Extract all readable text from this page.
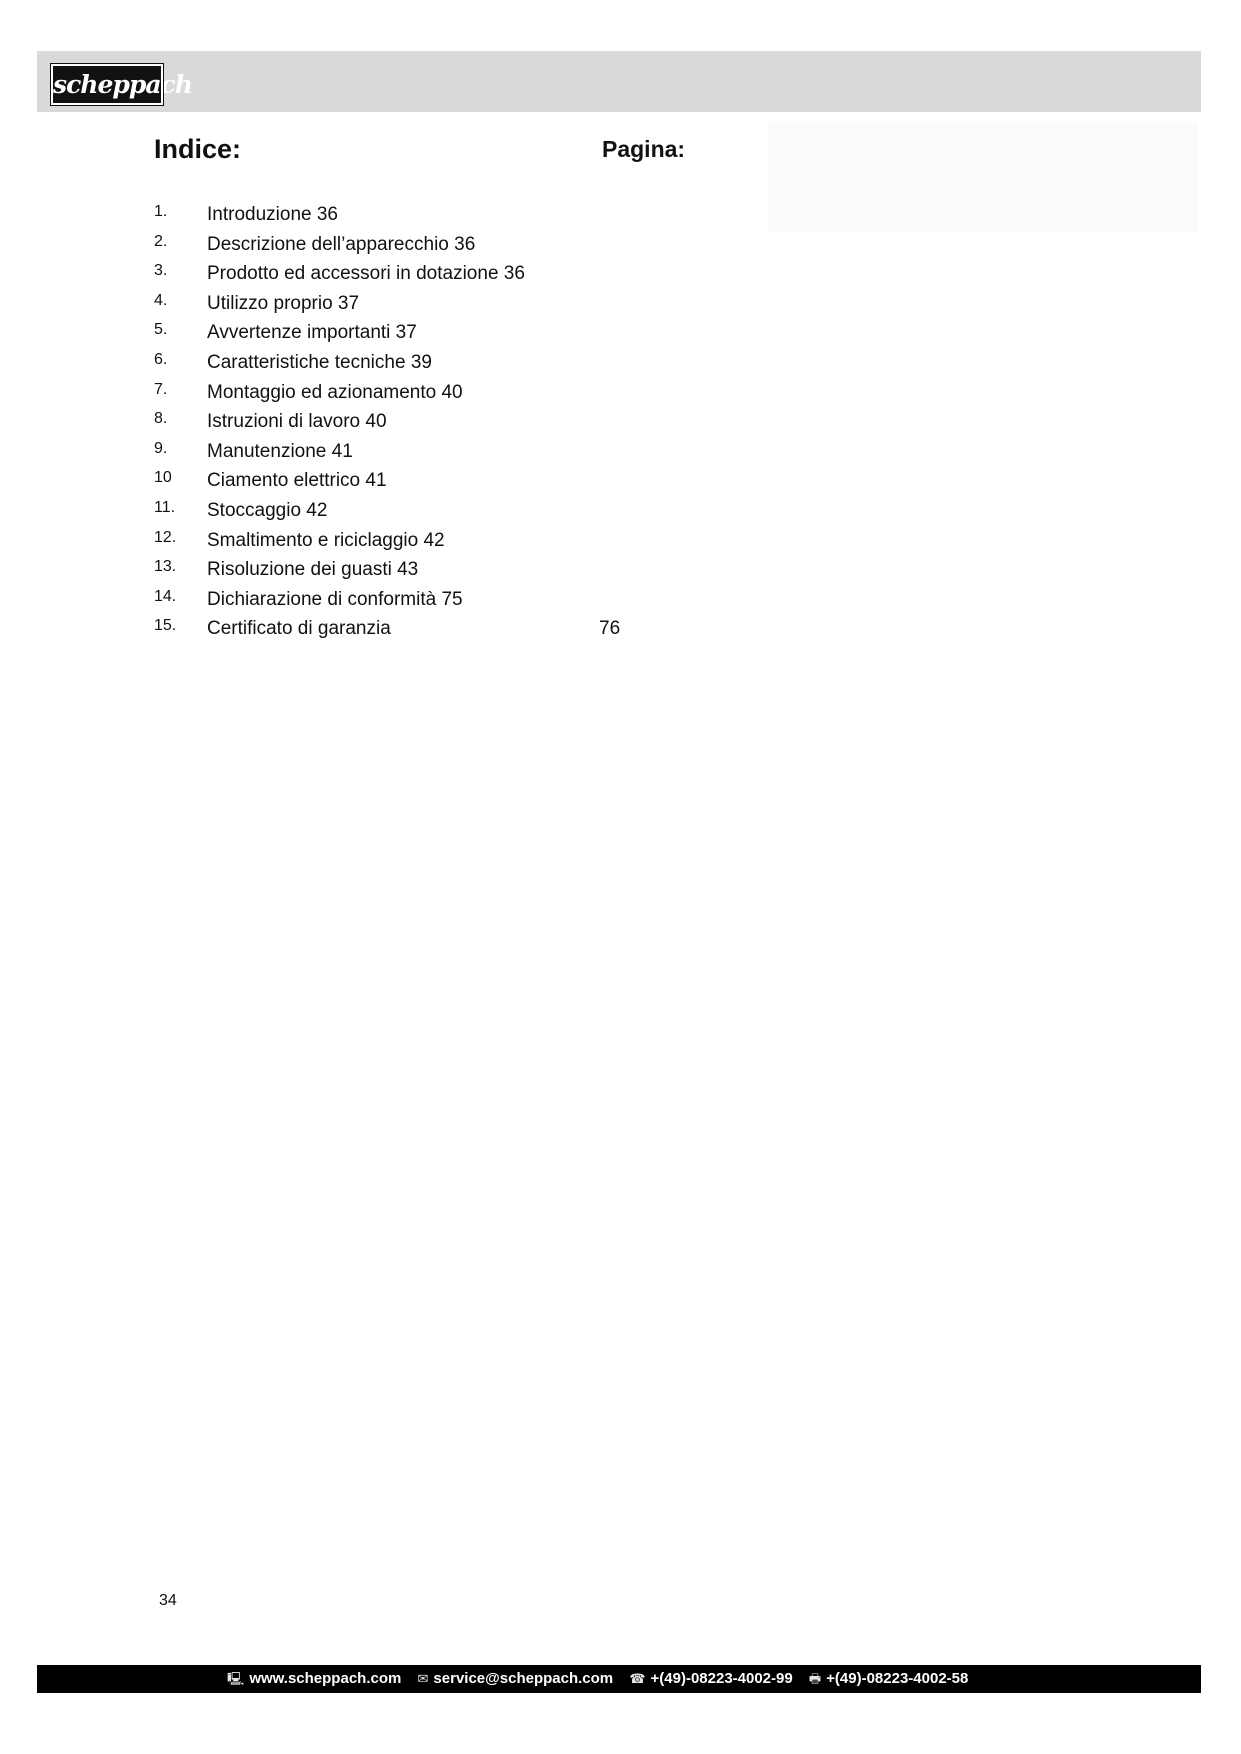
scheppach
Indice:	Pagina:
1. Introduzione 36
2. Descrizione dell’apparecchio 36
3. Prodotto ed accessori in dotazione 36
4. Utilizzo proprio 37
5. Avvertenze importanti 37
6. Caratteristiche tecniche 39
7. Montaggio ed azionamento 40
8. Istruzioni di lavoro 40
9. Manutenzione 41
10 Ciamento elettrico 41
11. Stoccaggio 42
12. Smaltimento e riciclaggio 42
13. Risoluzione dei guasti 43
14. Dichiarazione di conformità 75
15. Certificato di garanzia	76
34
🖳 www.scheppach.com ✉ service@scheppach.com ☎ +(49)-08223-4002-99 🖶 +(49)-08223-4002-58
